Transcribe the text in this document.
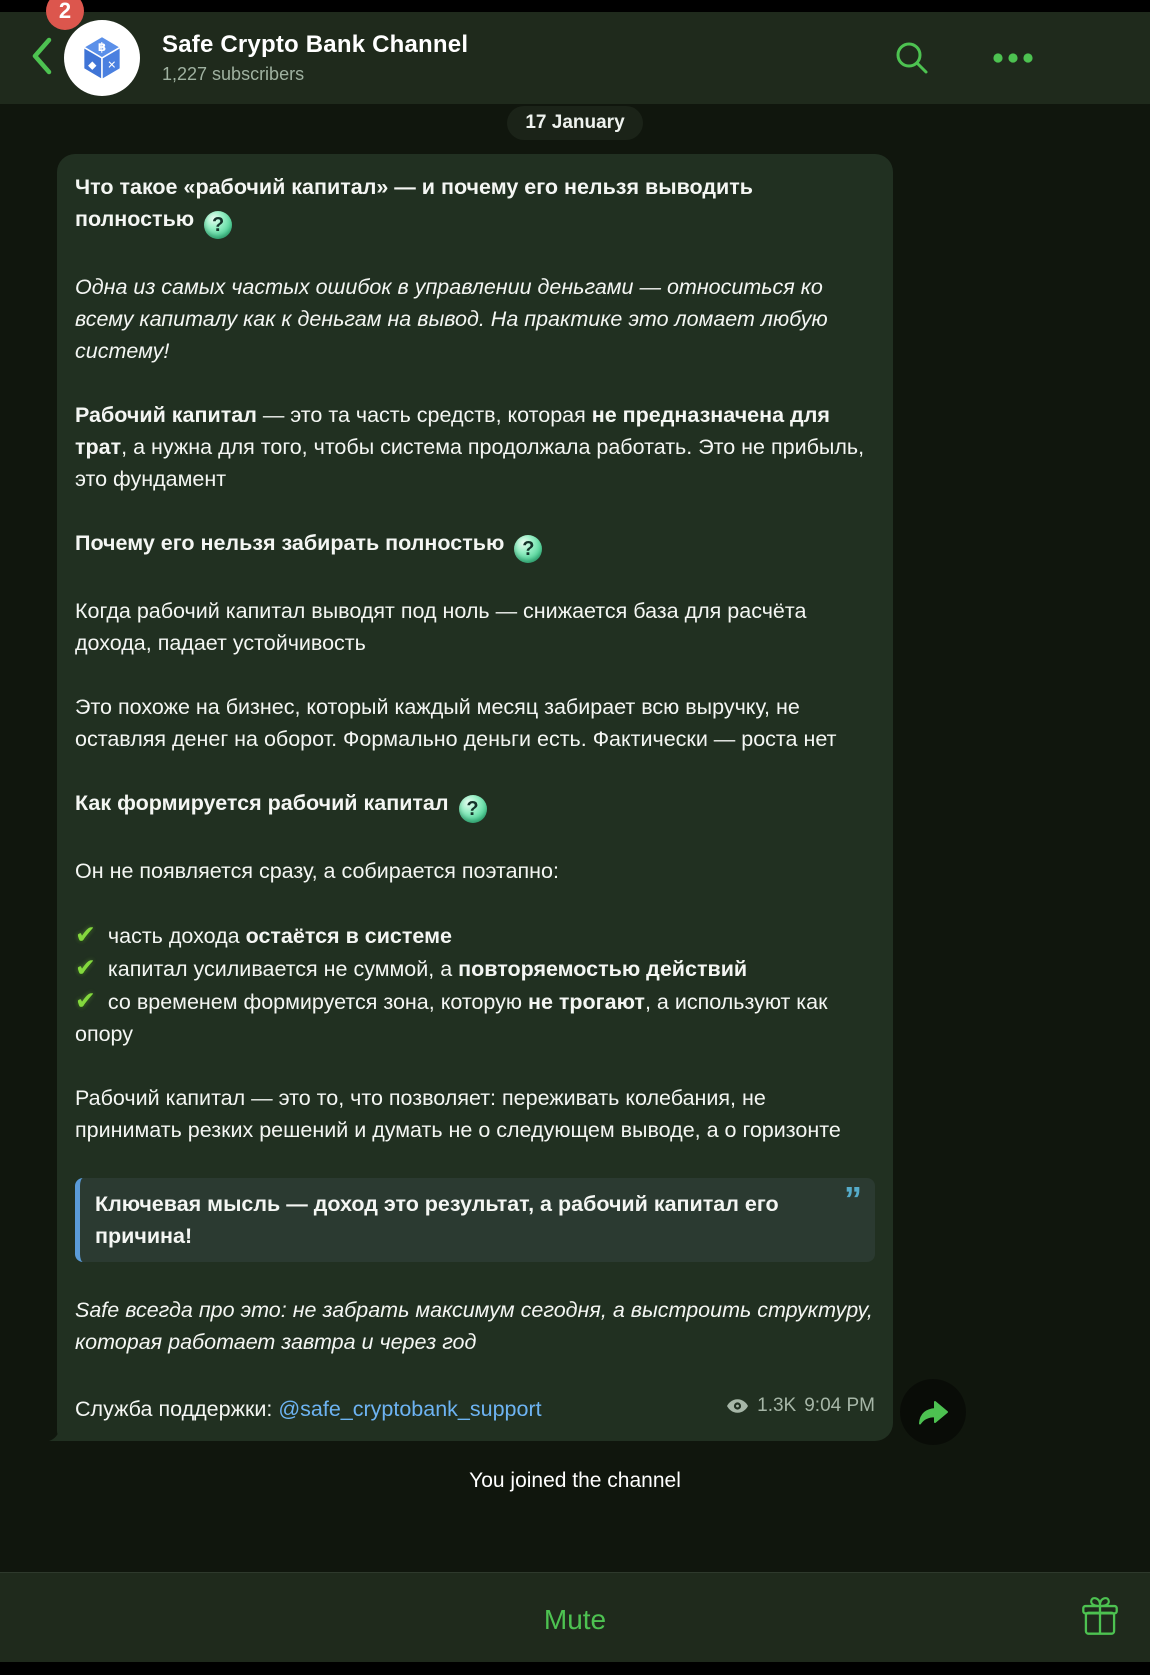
2
฿
◆ ✕
Safe Crypto Bank Channel
1,227 subscribers
17 January
Что такое «рабочий капитал» — и почему его нельзя выводить полностью ?
Одна из самых частых ошибок в управлении деньгами — относиться ко всему капиталу как к деньгам на вывод. На практике это ломает любую систему!
Рабочий капитал — это та часть средств, которая не предназначена для трат, а нужна для того, чтобы система продолжала работать. Это не прибыль, это фундамент
Почему его нельзя забирать полностью ?
Когда рабочий капитал выводят под ноль — снижается база для расчёта дохода, падает устойчивость
Это похоже на бизнес, который каждый месяц забирает всю выручку, не оставляя денег на оборот. Формально деньги есть. Фактически — роста нет
Как формируется рабочий капитал ?
Он не появляется сразу, а собирается поэтапно:
✔ часть дохода остаётся в системе
✔ капитал усиливается не суммой, а повторяемостью действий
✔ со временем формируется зона, которую не трогают, а используют как опору
Рабочий капитал — это то, что позволяет: переживать колебания, не принимать резких решений и думать не о следующем выводе, а о горизонте
”
Ключевая мысль — доход это результат, а рабочий капитал его причина!
Safe всегда про это: не забрать максимум сегодня, а выстроить структуру, которая работает завтра и через год
Служба поддержки: @safe_cryptobank_support	1.3K 9:04 PM
You joined the channel
Mute
